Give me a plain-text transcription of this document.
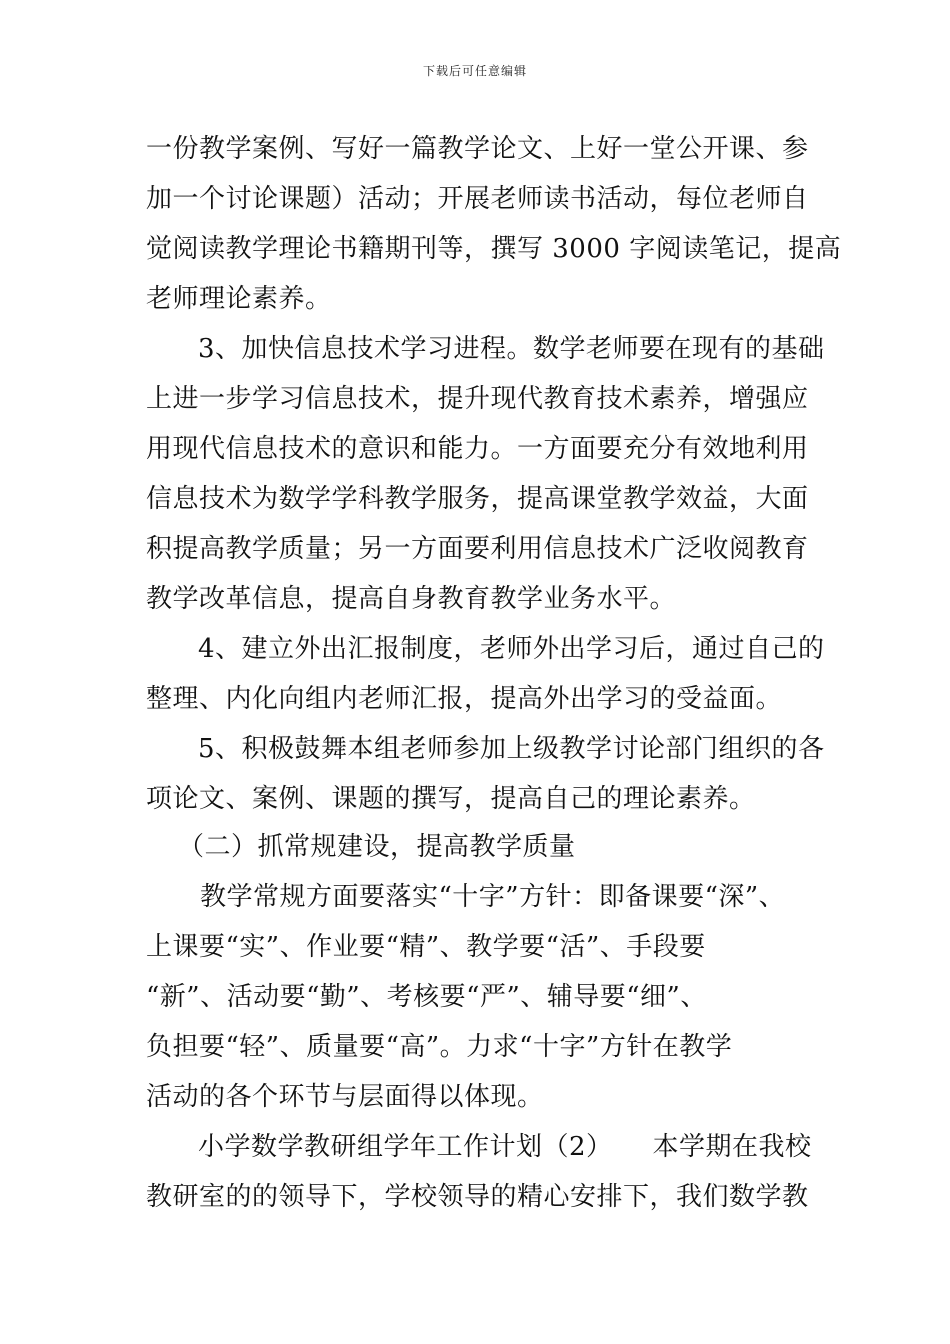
下载后可任意编辑
一份教学案例、写好一篇教学论文、上好一堂公开课、参
加一个讨论课题）活动；开展老师读书活动，每位老师自
觉阅读教学理论书籍期刊等，撰写 3000 字阅读笔记，提高
老师理论素养。
3、加快信息技术学习进程。数学老师要在现有的基础
上进一步学习信息技术，提升现代教育技术素养，增强应
用现代信息技术的意识和能力。一方面要充分有效地利用
信息技术为数学学科教学服务，提高课堂教学效益，大面
积提高教学质量；另一方面要利用信息技术广泛收阅教育
教学改革信息，提高自身教育教学业务水平。
4、建立外出汇报制度，老师外出学习后，通过自己的
整理、内化向组内老师汇报，提高外出学习的受益面。
5、积极鼓舞本组老师参加上级教学讨论部门组织的各
项论文、案例、课题的撰写，提高自己的理论素养。
（二）抓常规建设，提高教学质量
教学常规方面要落实“十字”方针：即备课要“深”、
上课要“实”、作业要“精”、教学要“活”、手段要
“新”、活动要“勤”、考核要“严”、辅导要“细”、
负担要“轻”、质量要“高”。力求“十字”方针在教学
活动的各个环节与层面得以体现。
小学数学教研组学年工作计划（2）　　本学期在我校
教研室的的领导下，学校领导的精心安排下，我们数学教
